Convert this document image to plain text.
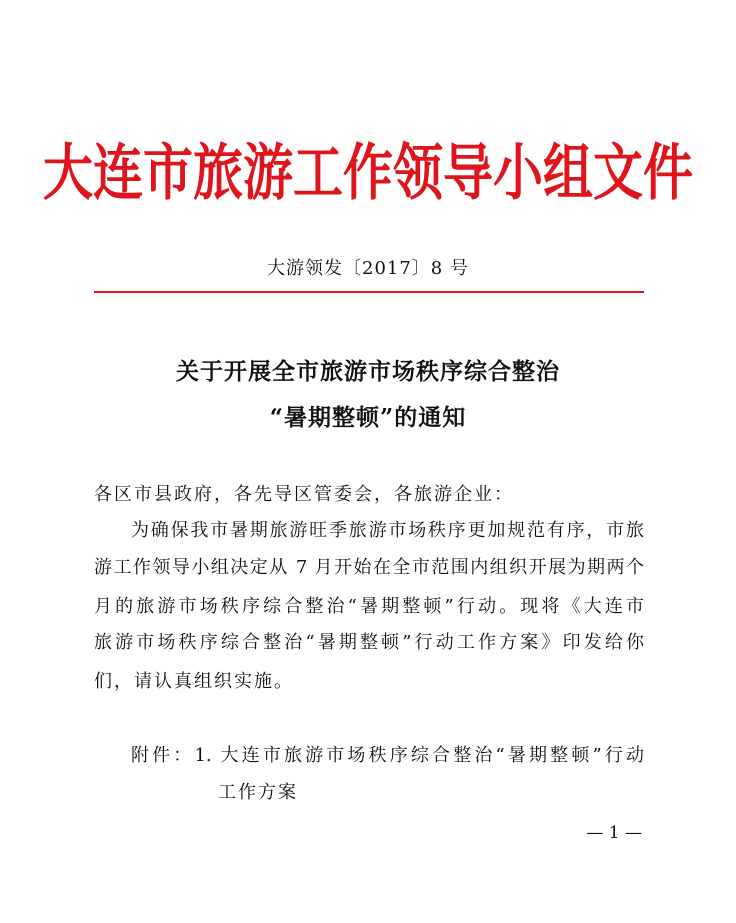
大连市旅游工作领导小组文件
大游领发〔2017〕8 号
关于开展全市旅游市场秩序综合整治
“暑期整顿”的通知
各区市县政府，各先导区管委会，各旅游企业：
为确保我市暑期旅游旺季旅游市场秩序更加规范有序，市旅
游工作领导小组决定从 7 月开始在全市范围内组织开展为期两个
月的旅游市场秩序综合整治“暑期整顿”行动。现将《大连市
旅游市场秩序综合整治“暑期整顿”行动工作方案》印发给你
们，请认真组织实施。
附件：1. 大连市旅游市场秩序综合整治“暑期整顿”行动
工作方案
— 1 —
